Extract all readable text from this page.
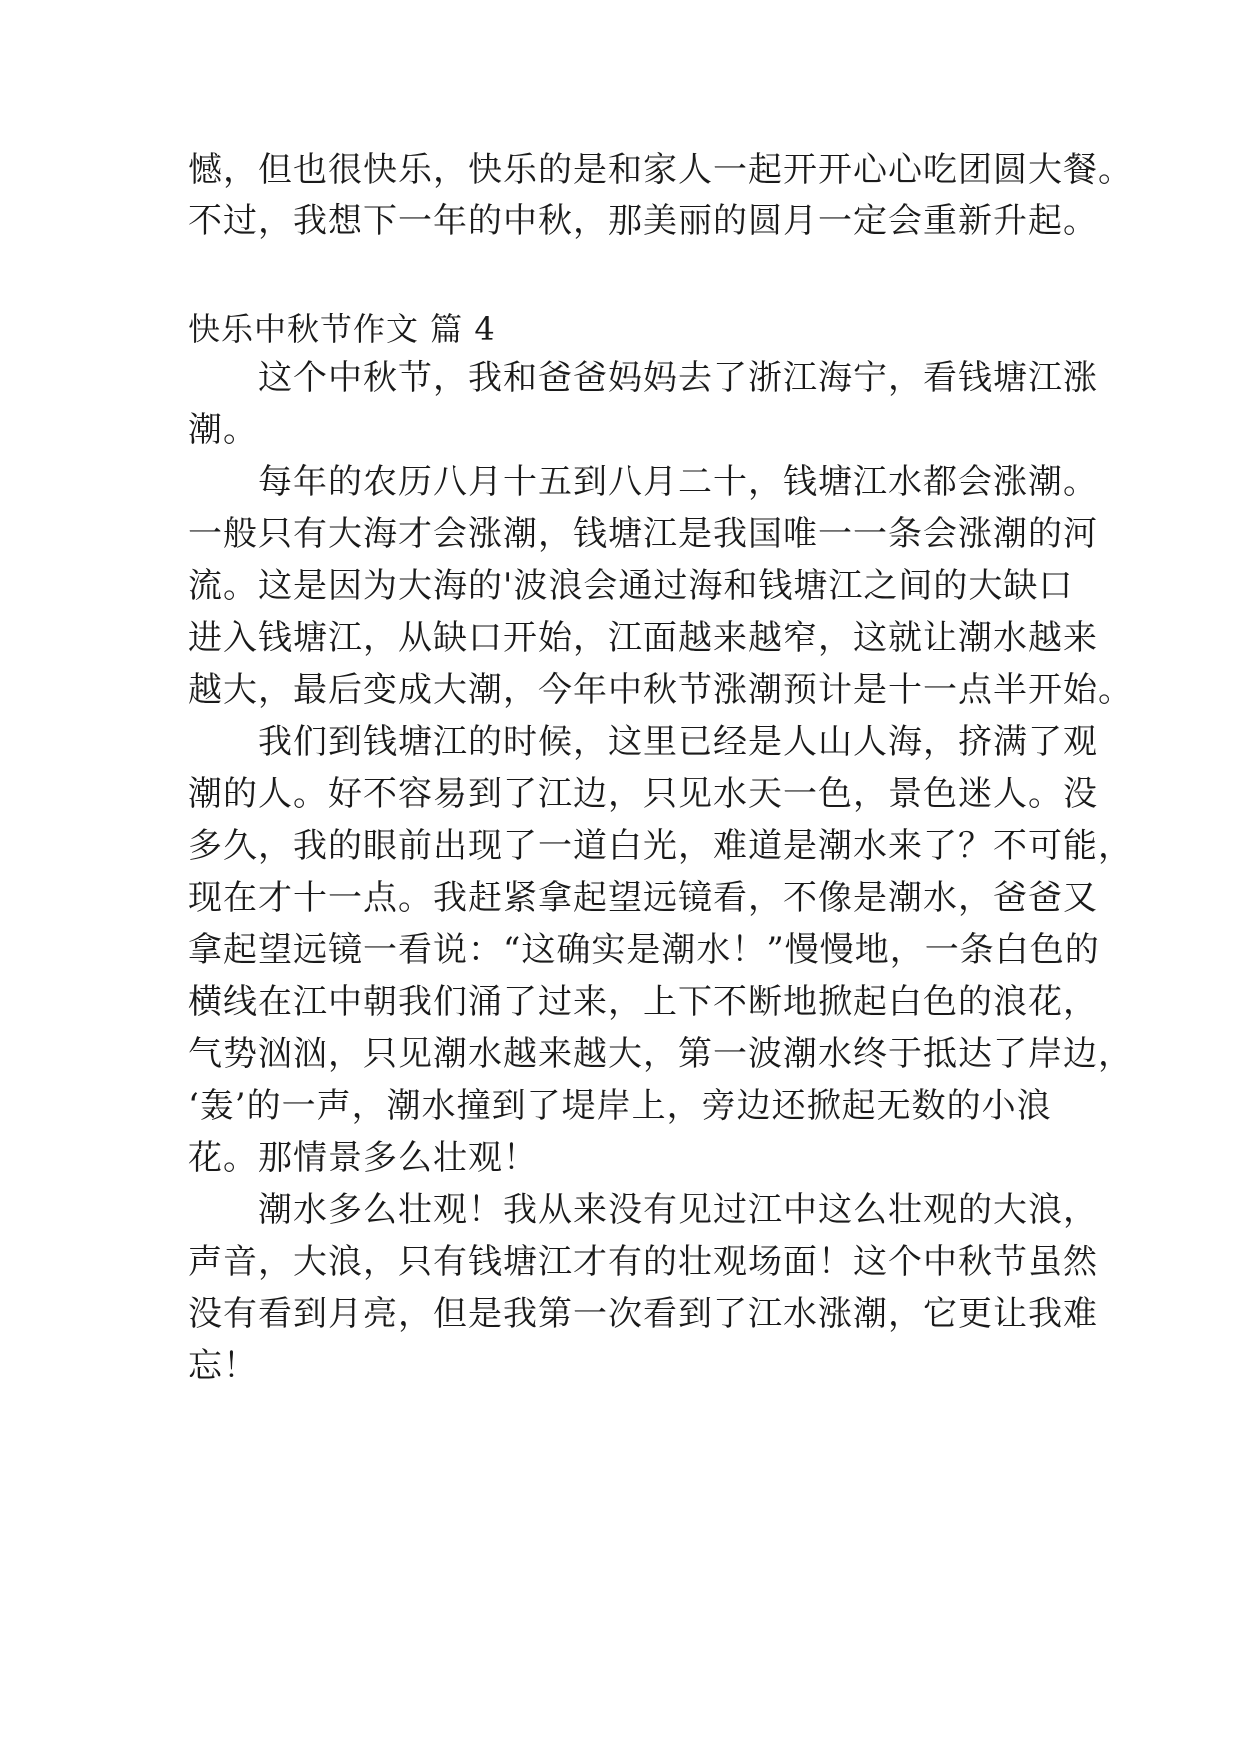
憾，但也很快乐，快乐的是和家人一起开开心心吃团圆大餐。
不过，我想下一年的中秋，那美丽的圆月一定会重新升起。
快乐中秋节作文 篇 4
　　这个中秋节，我和爸爸妈妈去了浙江海宁，看钱塘江涨
潮。
　　每年的农历八月十五到八月二十，钱塘江水都会涨潮。
一般只有大海才会涨潮，钱塘江是我国唯一一条会涨潮的河
流。这是因为大海的'波浪会通过海和钱塘江之间的大缺口
进入钱塘江，从缺口开始，江面越来越窄，这就让潮水越来
越大，最后变成大潮，今年中秋节涨潮预计是十一点半开始。
　　我们到钱塘江的时候，这里已经是人山人海，挤满了观
潮的人。好不容易到了江边，只见水天一色，景色迷人。没
多久，我的眼前出现了一道白光，难道是潮水来了？不可能，
现在才十一点。我赶紧拿起望远镜看，不像是潮水，爸爸又
拿起望远镜一看说：“这确实是潮水！”慢慢地，一条白色的
横线在江中朝我们涌了过来，上下不断地掀起白色的浪花，
气势汹汹，只见潮水越来越大，第一波潮水终于抵达了岸边，
‘轰’的一声，潮水撞到了堤岸上，旁边还掀起无数的小浪
花。那情景多么壮观！
　　潮水多么壮观！我从来没有见过江中这么壮观的大浪，
声音，大浪，只有钱塘江才有的壮观场面！这个中秋节虽然
没有看到月亮，但是我第一次看到了江水涨潮，它更让我难
忘！
